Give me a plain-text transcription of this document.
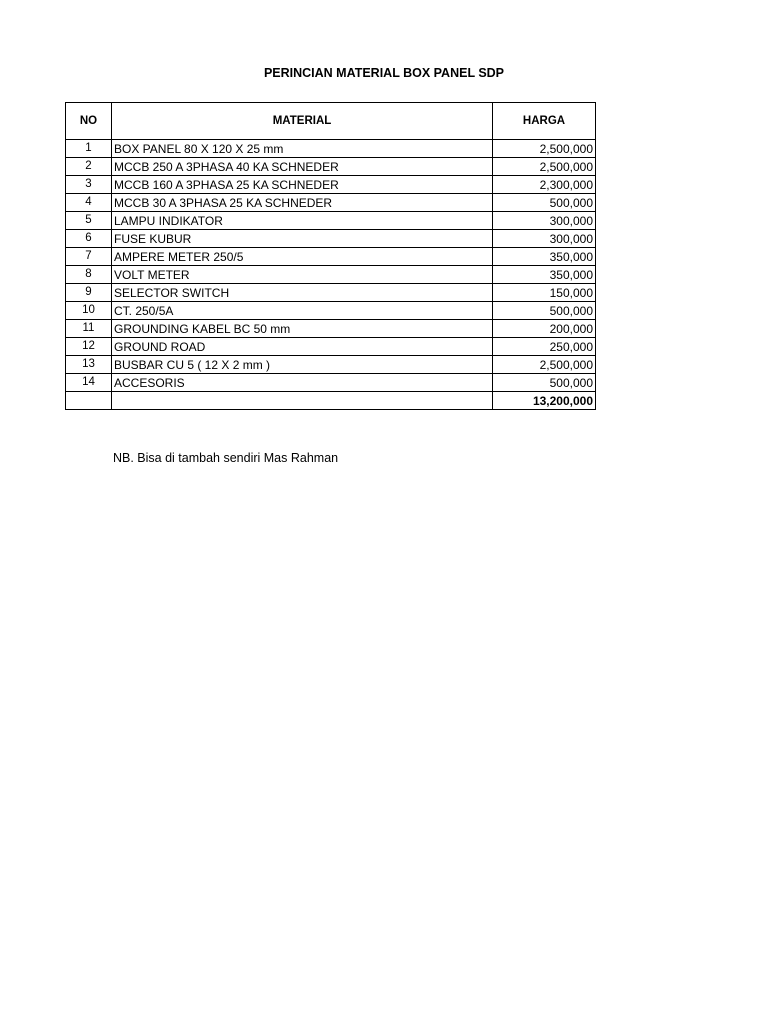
PERINCIAN MATERIAL BOX PANEL SDP
NO	MATERIAL	HARGA
1	BOX PANEL 80 X 120 X 25 mm	2,500,000
2	MCCB 250 A 3PHASA 40 KA SCHNEDER	2,500,000
3	MCCB 160 A 3PHASA 25 KA SCHNEDER	2,300,000
4	MCCB 30 A 3PHASA 25 KA SCHNEDER	500,000
5	LAMPU INDIKATOR	300,000
6	FUSE KUBUR	300,000
7	AMPERE METER 250/5	350,000
8	VOLT METER	350,000
9	SELECTOR SWITCH	150,000
10	CT. 250/5A	500,000
11	GROUNDING KABEL BC 50 mm	200,000
12	GROUND ROAD	250,000
13	BUSBAR CU 5 ( 12 X 2 mm )	2,500,000
14	ACCESORIS	500,000
		13,200,000
NB. Bisa di tambah sendiri Mas Rahman
